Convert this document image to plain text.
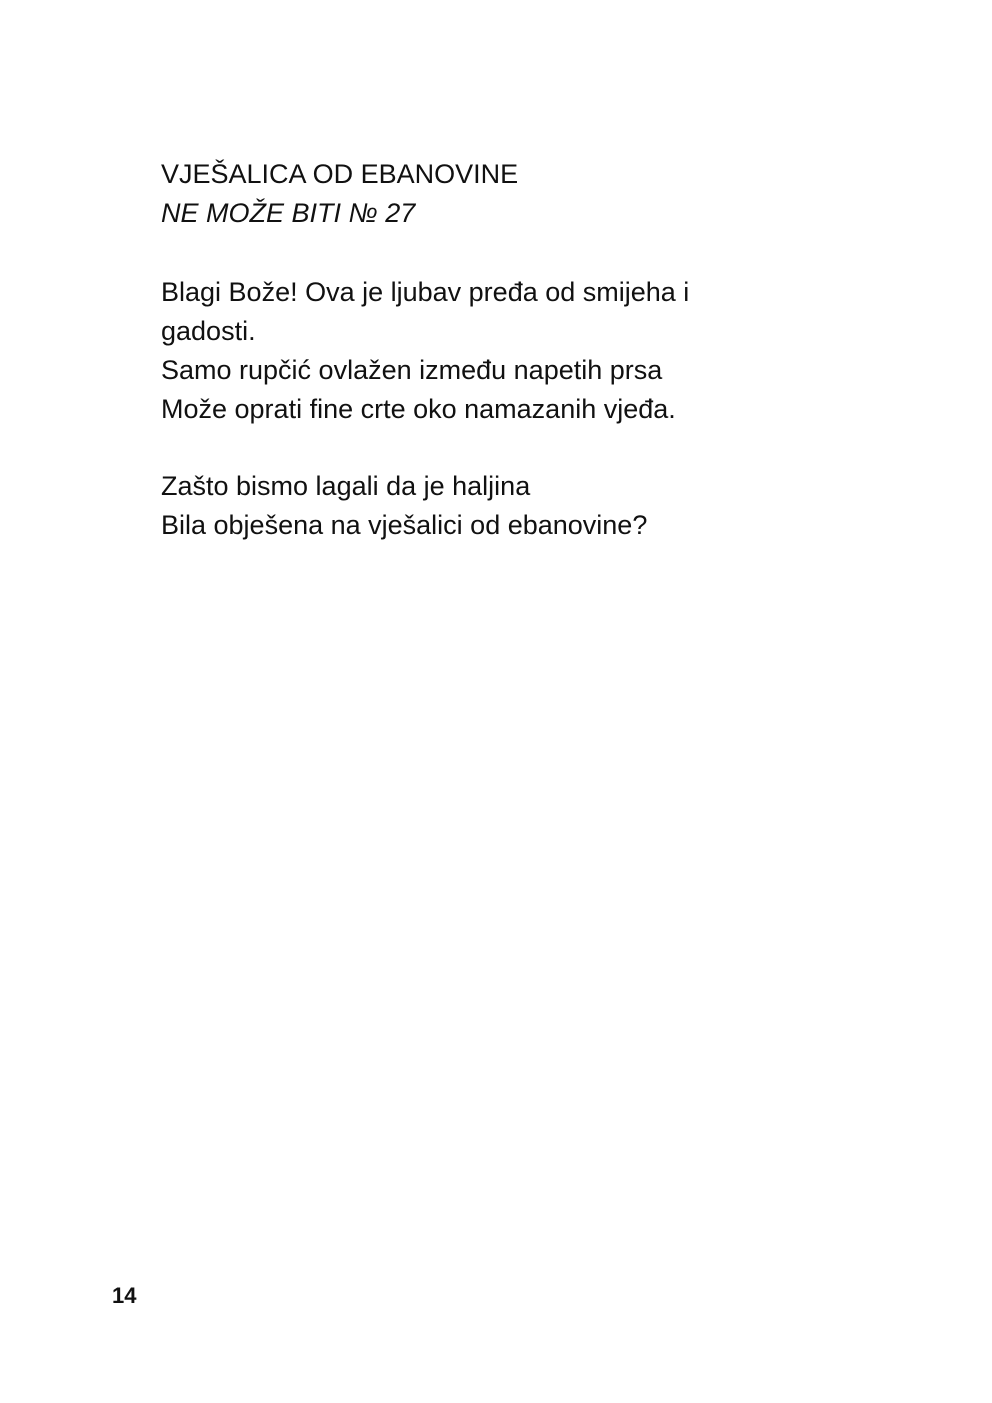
VJEŠALICA OD EBANOVINE
NE MOŽE BITI № 27
Blagi Bože! Ova je ljubav pređa od smijeha i
gadosti.
Samo rupčić ovlažen između napetih prsa
Može oprati fine crte oko namazanih vjeđa.
Zašto bismo lagali da je haljina
Bila obješena na vješalici od ebanovine?
14
